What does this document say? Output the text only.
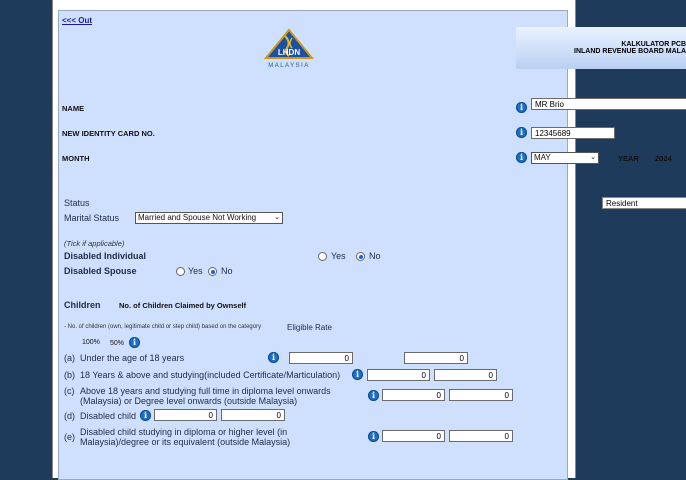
<<< Out
LHDN
MALAYSIA
KALKULATOR PCB
INLAND REVENUE BOARD MALA
NAME	i	MR Brio
NEW IDENTITY CARD NO.	i	12345689
MONTH	i	MAY	⌄	YEAR 2024
Status	Resident
Marital Status	Married and Spouse Not Working	⌄
(Tick if applicable)
Disabled Individual	Yes	No
Disabled Spouse	Yes No
Children No. of Children Claimed by Ownself
- No. of children (own, legitimate child or step child) based on the category	Eligible Rate
100% 50%	i
(a) Under the age of 18 years	i	0	0
(b) 18 Years & above and studying(included Certificate/Marticulation)	i	0	0
(c) Above 18 years and studying full time in diploma level onwards
(Malaysia) or Degree level onwards (outside Malaysia)
i	0	0
(d) Disabled child i	0	0
(e) Disabled child studying in diploma or higher level (in
Malaysia)/degree or its equivalent (outside Malaysia)
i	0	0
